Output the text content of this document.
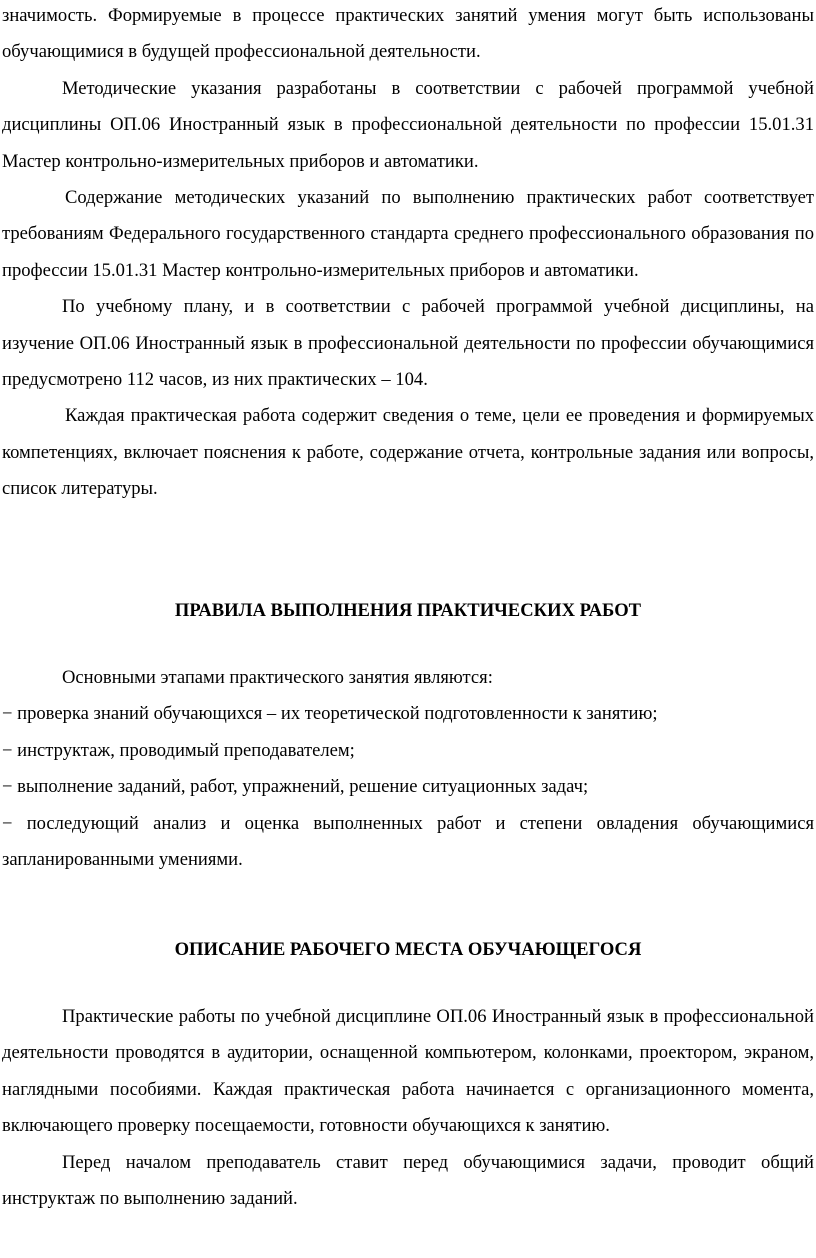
значимость. Формируемые в процессе практических занятий умения могут быть использованы обучающимися в будущей профессиональной деятельности.

Методические указания разработаны в соответствии с рабочей программой учебной дисциплины ОП.06 Иностранный язык в профессиональной деятельности по профессии 15.01.31 Мастер контрольно-измерительных приборов и автоматики.

Содержание методических указаний по выполнению практических работ соответствует требованиям Федерального государственного стандарта среднего профессионального образования по профессии 15.01.31 Мастер контрольно-измерительных приборов и автоматики.

По учебному плану, и в соответствии с рабочей программой учебной дисциплины, на изучение ОП.06 Иностранный язык в профессиональной деятельности по профессии обучающимися предусмотрено 112 часов, из них практических – 104.

Каждая практическая работа содержит сведения о теме, цели ее проведения и формируемых компетенциях, включает пояснения к работе, содержание отчета, контрольные задания или вопросы, список литературы.

ПРАВИЛА ВЫПОЛНЕНИЯ ПРАКТИЧЕСКИХ РАБОТ

Основными этапами практического занятия являются:

− проверка знаний обучающихся – их теоретической подготовленности к занятию;

− инструктаж, проводимый преподавателем;

− выполнение заданий, работ, упражнений, решение ситуационных задач;

− последующий анализ и оценка выполненных работ и степени овладения обучающимися запланированными умениями.

ОПИСАНИЕ РАБОЧЕГО МЕСТА ОБУЧАЮЩЕГОСЯ

Практические работы по учебной дисциплине ОП.06 Иностранный язык в профессиональной деятельности проводятся в аудитории, оснащенной компьютером, колонками, проектором, экраном, наглядными пособиями. Каждая практическая работа начинается с организационного момента, включающего проверку посещаемости, готовности обучающихся к занятию.

Перед началом преподаватель ставит перед обучающимися задачи, проводит общий инструктаж по выполнению заданий.
